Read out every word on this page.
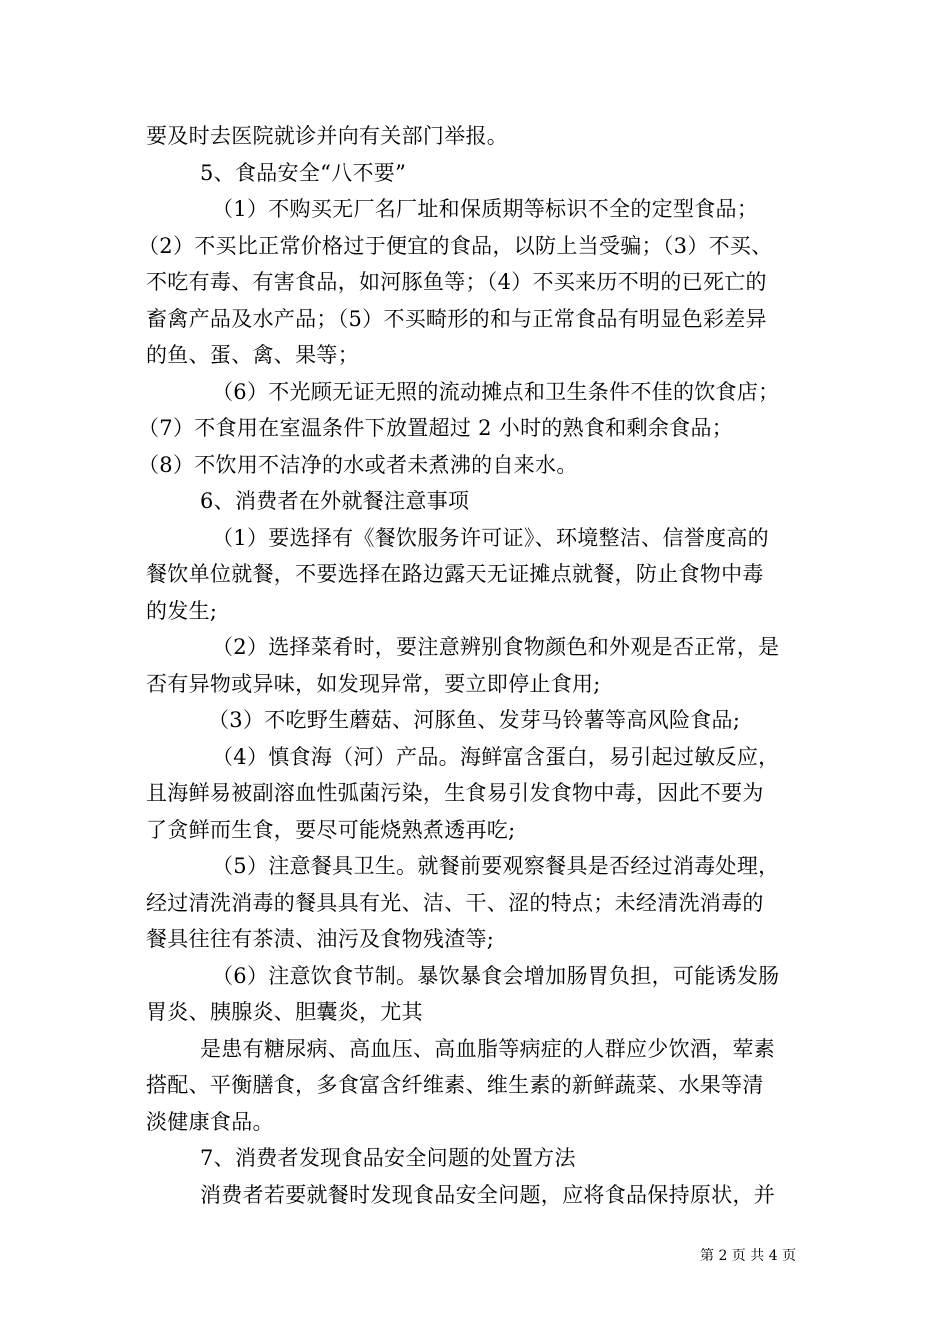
要及时去医院就诊并向有关部门举报。
5、食品安全“八不要”
（1）不购买无厂名厂址和保质期等标识不全的定型食品；
（2）不买比正常价格过于便宜的食品，以防上当受骗；（3）不买、
不吃有毒、有害食品，如河豚鱼等；（4）不买来历不明的已死亡的
畜禽产品及水产品；（5）不买畸形的和与正常食品有明显色彩差异
的鱼、蛋、禽、果等；
（6）不光顾无证无照的流动摊点和卫生条件不佳的饮食店；
（7）不食用在室温条件下放置超过 2 小时的熟食和剩余食品；
（8）不饮用不洁净的水或者未煮沸的自来水。
6、消费者在外就餐注意事项
（1）要选择有《餐饮服务许可证》、环境整洁、信誉度高的
餐饮单位就餐，不要选择在路边露天无证摊点就餐，防止食物中毒
的发生;
（2）选择菜肴时，要注意辨别食物颜色和外观是否正常，是
否有异物或异味，如发现异常，要立即停止食用;
（3）不吃野生蘑菇、河豚鱼、发芽马铃薯等高风险食品;
（4）慎食海（河）产品。海鲜富含蛋白，易引起过敏反应，
且海鲜易被副溶血性弧菌污染，生食易引发食物中毒，因此不要为
了贪鲜而生食，要尽可能烧熟煮透再吃;
（5）注意餐具卫生。就餐前要观察餐具是否经过消毒处理，
经过清洗消毒的餐具具有光、洁、干、涩的特点；未经清洗消毒的
餐具往往有茶渍、油污及食物残渣等;
（6）注意饮食节制。暴饮暴食会增加肠胃负担，可能诱发肠
胃炎、胰腺炎、胆囊炎，尤其
是患有糖尿病、高血压、高血脂等病症的人群应少饮酒，荤素
搭配、平衡膳食，多食富含纤维素、维生素的新鲜蔬菜、水果等清
淡健康食品。
7、消费者发现食品安全问题的处置方法
消费者若要就餐时发现食品安全问题，应将食品保持原状，并
第 2 页 共 4 页
